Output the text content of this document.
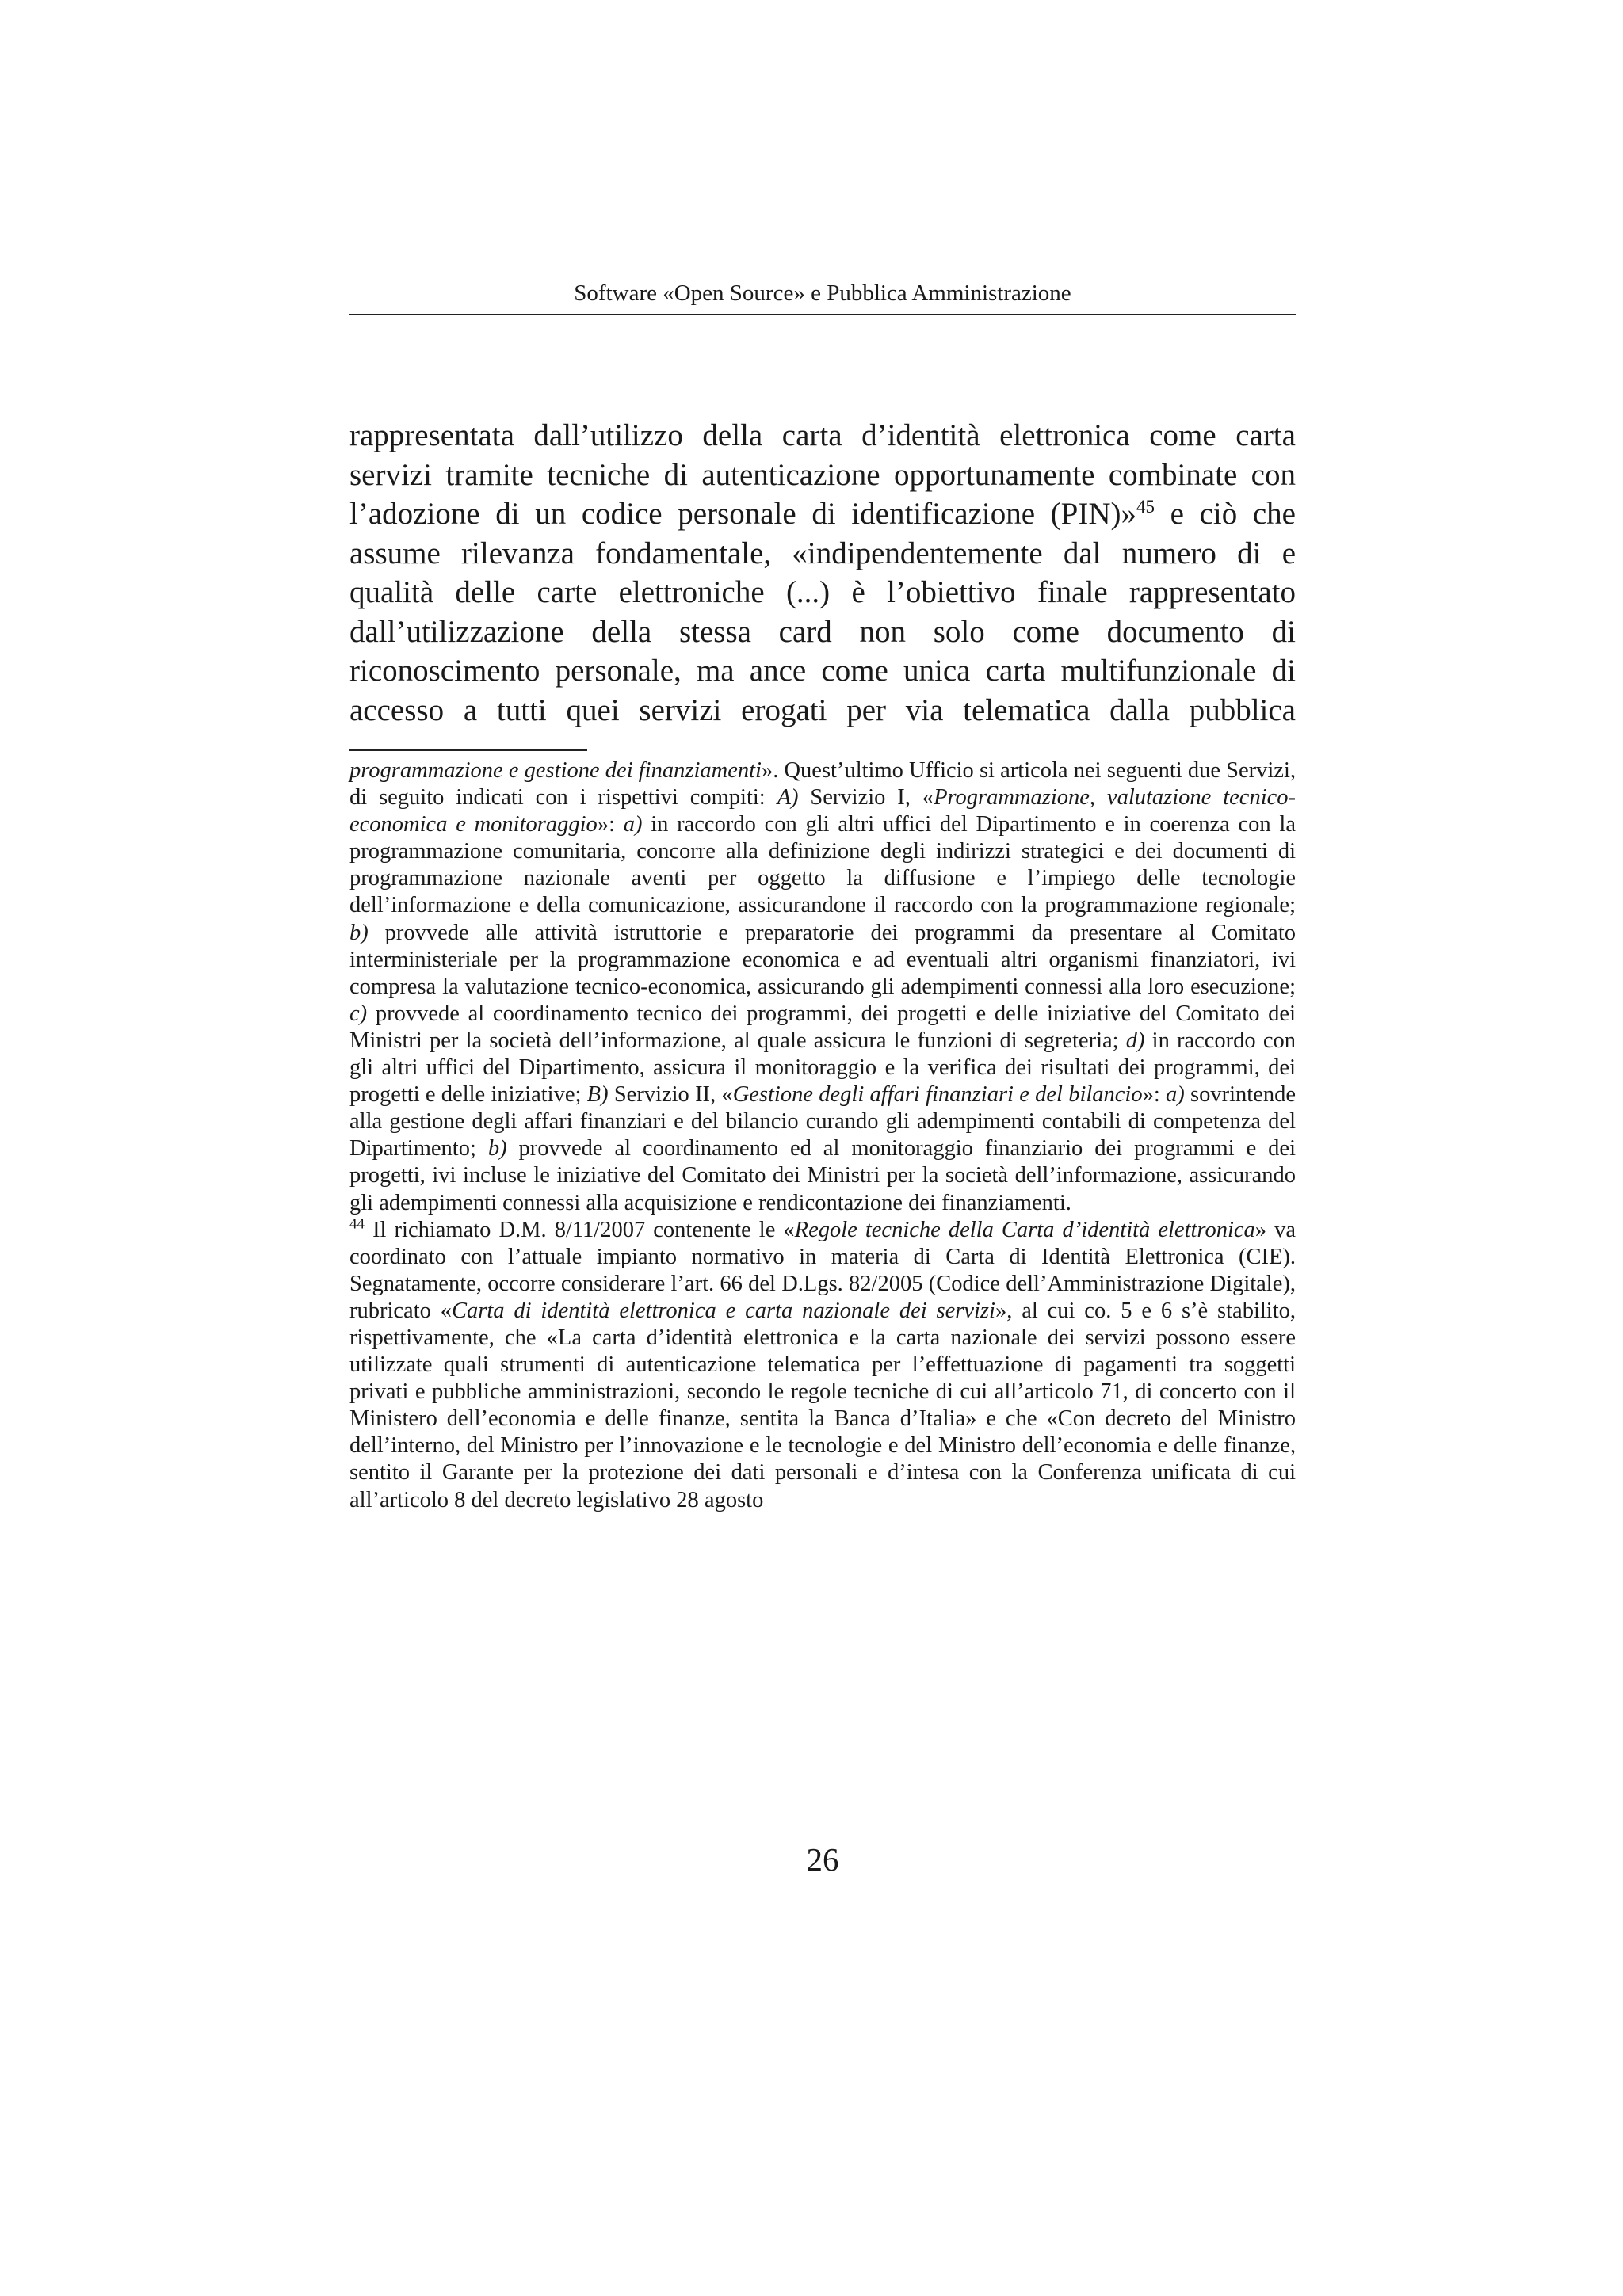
Software «Open Source» e Pubblica Amministrazione

rappresentata dall’utilizzo della carta d’identità elettronica come carta servizi tramite tecniche di autenticazione opportunamente combinate con l’adozione di un codice personale di identificazione (PIN)»$^{45}$ e ciò che assume rilevanza fondamentale, «indipendentemente dal numero di e qualità delle carte elettroniche (...) è l’obiettivo finale rappresentato dall’utilizzazione della stessa card non solo come documento di riconoscimento personale, ma ance come unica carta multifunzionale di accesso a tutti quei servizi erogati per via telematica dalla pubblica

programmazione e gestione dei finanziamenti». Quest’ultimo Ufficio si articola nei seguenti due Servizi, di seguito indicati con i rispettivi compiti: A) Servizio I, «Programmazione, valutazione tecnico-economica e monitoraggio»: a) in raccordo con gli altri uffici del Dipartimento e in coerenza con la programmazione comunitaria, concorre alla definizione degli indirizzi strategici e dei documenti di programmazione nazionale aventi per oggetto la diffusione e l’impiego delle tecnologie dell’informazione e della comunicazione, assicurandone il raccordo con la programmazione regionale; b) provvede alle attività istruttorie e preparatorie dei programmi da presentare al Comitato interministeriale per la programmazione economica e ad eventuali altri organismi finanziatori, ivi compresa la valutazione tecnico-economica, assicurando gli adempimenti connessi alla loro esecuzione; c) provvede al coordinamento tecnico dei programmi, dei progetti e delle iniziative del Comitato dei Ministri per la società dell’informazione, al quale assicura le funzioni di segreteria; d) in raccordo con gli altri uffici del Dipartimento, assicura il monitoraggio e la verifica dei risultati dei programmi, dei progetti e delle iniziative; B) Servizio II, «Gestione degli affari finanziari e del bilancio»: a) sovrintende alla gestione degli affari finanziari e del bilancio curando gli adempimenti contabili di competenza del Dipartimento; b) provvede al coordinamento ed al monitoraggio finanziario dei programmi e dei progetti, ivi incluse le iniziative del Comitato dei Ministri per la società dell’informazione, assicurando gli adempimenti connessi alla acquisizione e rendicontazione dei finanziamenti.

$^{44}$ Il richiamato D.M. 8/11/2007 contenente le «Regole tecniche della Carta d’identità elettronica» va coordinato con l’attuale impianto normativo in materia di Carta di Identità Elettronica (CIE). Segnatamente, occorre considerare l’art. 66 del D.Lgs. 82/2005 (Codice dell’Amministrazione Digitale), rubricato «Carta di identità elettronica e carta nazionale dei servizi», al cui co. 5 e 6 s’è stabilito, rispettivamente, che «La carta d’identità elettronica e la carta nazionale dei servizi possono essere utilizzate quali strumenti di autenticazione telematica per l’effettuazione di pagamenti tra soggetti privati e pubbliche amministrazioni, secondo le regole tecniche di cui all’articolo 71, di concerto con il Ministero dell’economia e delle finanze, sentita la Banca d’Italia» e che «Con decreto del Ministro dell’interno, del Ministro per l’innovazione e le tecnologie e del Ministro dell’economia e delle finanze, sentito il Garante per la protezione dei dati personali e d’intesa con la Conferenza unificata di cui all’articolo 8 del decreto legislativo 28 agosto

26
